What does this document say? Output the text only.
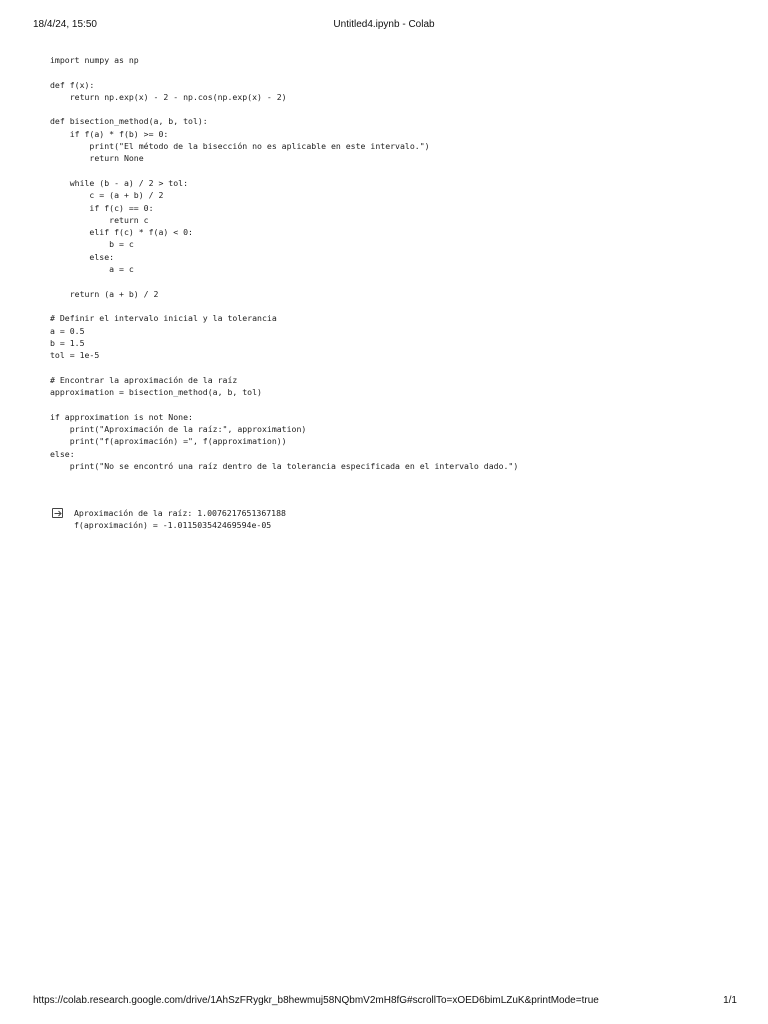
18/4/24, 15:50	Untitled4.ipynb - Colab
import numpy as np
def f(x):
return np.exp(x) - 2 - np.cos(np.exp(x) - 2)
def bisection_method(a, b, tol):
if f(a) * f(b) >= 0:
print("El método de la bisección no es aplicable en este intervalo.")
return None
while (b - a) / 2 > tol:
c = (a + b) / 2
if f(c) == 0:
return c
elif f(c) * f(a) < 0:
b = c
else:
a = c
return (a + b) / 2
# Definir el intervalo inicial y la tolerancia
a = 0.5
b = 1.5
tol = 1e-5
# Encontrar la aproximación de la raíz
approximation = bisection_method(a, b, tol)
if approximation is not None:
print("Aproximación de la raíz:", approximation)
print("f(aproximación) =", f(approximation))
else:
print("No se encontró una raíz dentro de la tolerancia especificada en el intervalo dado.")
Aproximación de la raíz: 1.0076217651367188
f(aproximación) = -1.011503542469594e-05
https://colab.research.google.com/drive/1AhSzFRygkr_b8hewmuj58NQbmV2mH8fG#scrollTo=xOED6bimLZuK&printMode=true	1/1
